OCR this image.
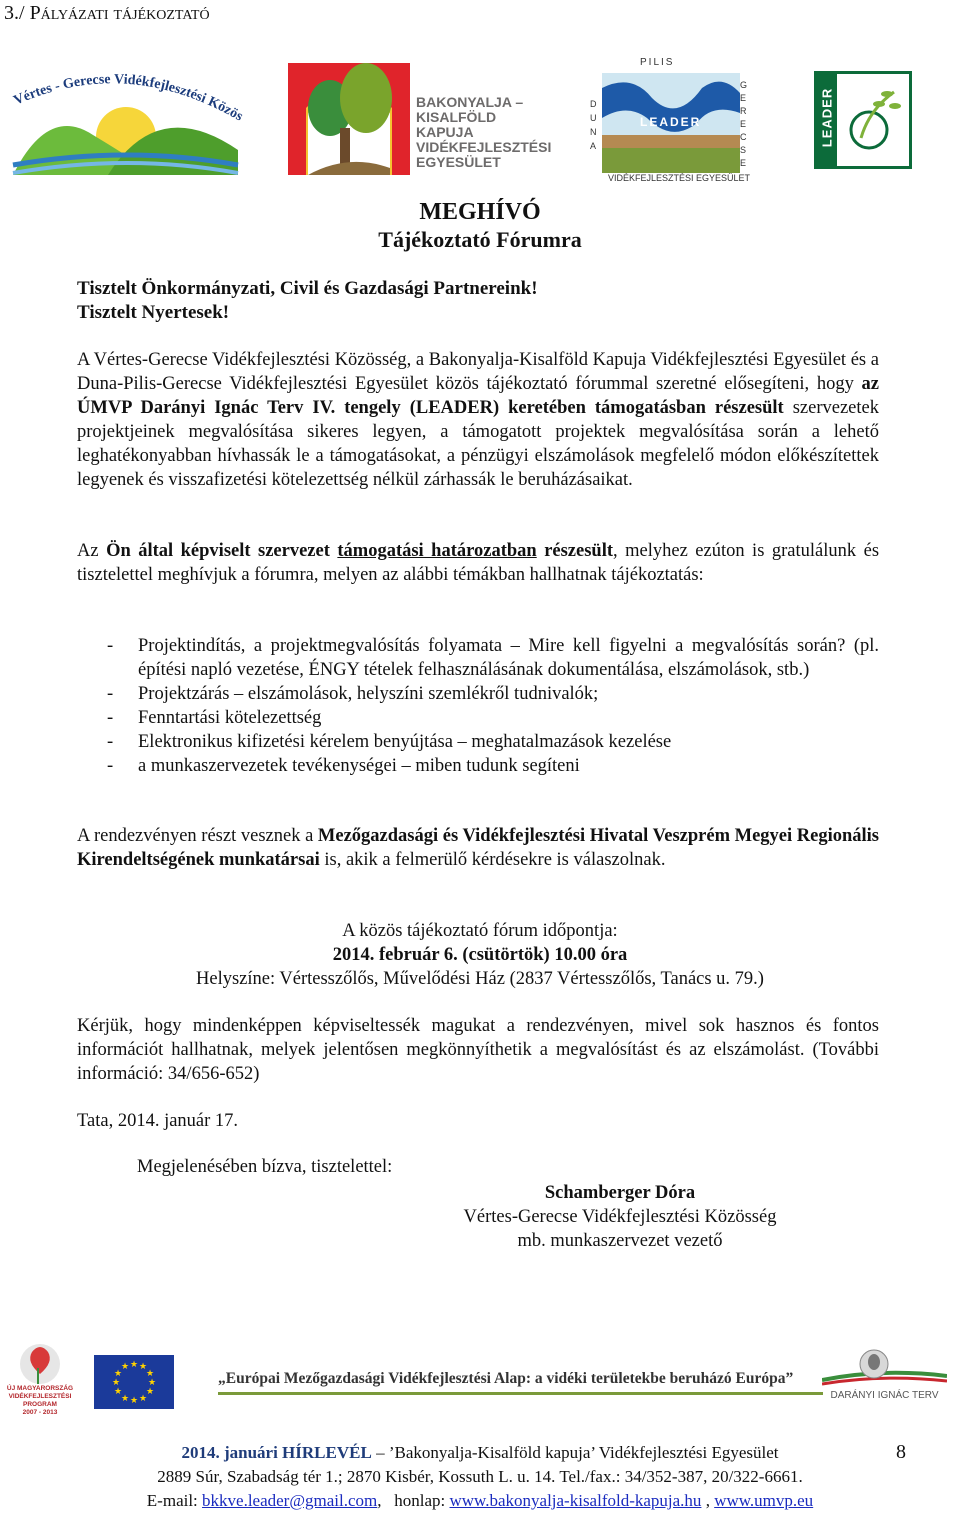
3./ Pályázati tájékoztató
Vértes - Gerecse Vidékfejlesztési Közö
BAKONYALJA –
KISALFÖLD
KAPUJA
VIDÉKFEJLESZTÉSI
EGYESÜLET
PILIS
D U N A
G E R E C S E
LEADER
VIDÉKFEJLESZTÉSI EGYESÜLET
LEADER
MEGHÍVÓ
Tájékoztató Fórumra
Tisztelt Önkormányzati, Civil és Gazdasági Partnereink!
Tisztelt Nyertesek!
A Vértes-Gerecse Vidékfejlesztési Közösség, a Bakonyalja-Kisalföld Kapuja Vidékfejlesztési Egyesület és a Duna-Pilis-Gerecse Vidékfejlesztési Egyesület közös tájékoztató fórummal szeretné elősegíteni, hogy az ÚMVP Darányi Ignác Terv IV. tengely (LEADER) keretében támogatásban részesült szervezetek projektjeinek megvalósítása sikeres legyen, a támogatott projektek megvalósítása során a lehető leghatékonyabban hívhassák le a támogatásokat, a pénzügyi elszámolások megfelelő módon előkészítettek legyenek és visszafizetési kötelezettség nélkül zárhassák le beruházásaikat.
Az Ön által képviselt szervezet támogatási határozatban részesült, melyhez ezúton is gratulálunk és tisztelettel meghívjuk a fórumra, melyen az alábbi témákban hallhatnak tájékoztatás:
- Projektindítás, a projektmegvalósítás folyamata – Mire kell figyelni a megvalósítás során? (pl. építési napló vezetése, ÉNGY tételek felhasználásának dokumentálása, elszámolások, stb.)
- Projektzárás – elszámolások, helyszíni szemlékről tudnivalók;
- Fenntartási kötelezettség
- Elektronikus kifizetési kérelem benyújtása – meghatalmazások kezelése
- a munkaszervezetek tevékenységei – miben tudunk segíteni
A rendezvényen részt vesznek a Mezőgazdasági és Vidékfejlesztési Hivatal Veszprém Megyei Regionális Kirendeltségének munkatársai is, akik a felmerülő kérdésekre is válaszolnak.
A közös tájékoztató fórum időpontja:
2014. február 6. (csütörtök) 10.00 óra
Helyszíne: Vértesszőlős, Művelődési Ház (2837 Vértesszőlős, Tanács u. 79.)
Kérjük, hogy mindenképpen képviseltessék magukat a rendezvényen, mivel sok hasznos és fontos információt hallhatnak, melyek jelentősen megkönnyíthetik a megvalósítást és az elszámolást. (További információ: 34/656-652)
Tata, 2014. január 17.
Megjelenésében bízva, tisztelettel:
Schamberger Dóra
Vértes-Gerecse Vidékfejlesztési Közösség
mb. munkaszervezet vezető
ÚJ MAGYARORSZÁG
VIDÉKFEJLESZTÉSI PROGRAM
2007 - 2013
★ ★
★
★
★
★
★
★
★
★
★
★
„Európai Mezőgazdasági Vidékfejlesztési Alap: a vidéki területekbe beruházó Európa”
DARÁNYI IGNÁC TERV
2014. januári HÍRLEVÉL – ’Bakonyalja-Kisalföld kapuja’ Vidékfejlesztési Egyesület	8
2889 Súr, Szabadság tér 1.; 2870 Kisbér, Kossuth L. u. 14. Tel./fax.: 34/352-387, 20/322-6661.
E-mail: bkkve.leader@gmail.com,   honlap: www.bakonyalja-kisalfold-kapuja.hu , www.umvp.eu
